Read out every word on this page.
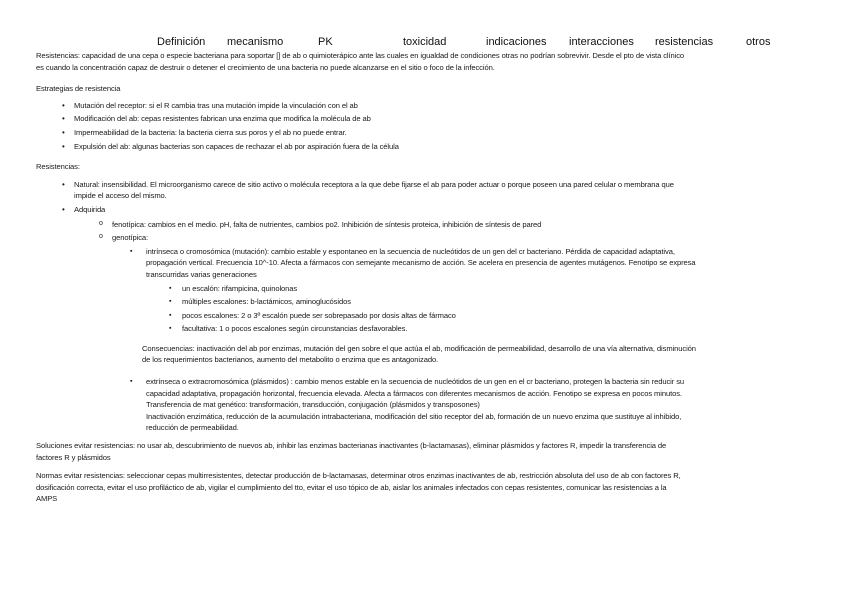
Definición mecanismo	PK	toxicidad	indicaciones interacciones resistencias	otros

Resistencias: capacidad de una cepa o especie bacteriana para soportar [] de ab o quimioterápico ante las cuales en igualdad de condiciones otras no podrían sobrevivir. Desde el pto de vista clínico
es cuando la concentración capaz de destruir o detener el crecimiento de una bacteria no puede alcanzarse en el sitio o foco de la infección.

Estrategias de resistencia

• Mutación del receptor: si el R cambia tras una mutación impide la vinculación con el ab
• Modificación del ab: cepas resistentes fabrican una enzima que modifica la molécula de ab
• Impermeabilidad de la bacteria: la bacteria cierra sus poros y el ab no puede entrar.
• Expulsión del ab: algunas bacterias son capaces de rechazar el ab por aspiración fuera de la célula

Resistencias:

• Natural: insensibilidad. El microorganismo carece de sitio activo o molécula receptora a la que debe fijarse el ab para poder actuar o porque poseen una pared celular o membrana que
impide el acceso del mismo.
• Adquirida
o fenotípica: cambios en el medio. pH, falta de nutrientes, cambios po2. Inhibición de síntesis proteica, inhibición de síntesis de pared
o genotípica:
▪ intrínseca o cromosómica (mutación): cambio estable y espontaneo en la secuencia de nucleótidos de un gen del cr bacteriano. Pérdida de capacidad adaptativa,
propagación vertical. Frecuencia 10^-10. Afecta a fármacos con semejante mecanismo de acción. Se acelera en presencia de agentes mutágenos. Fenotipo se expresa
transcurridas varias generaciones
▪ un escalón: rifampicina, quinolonas
▪ múltiples escalones: b-lactámicos, aminoglucósidos
▪ pocos escalones: 2 o 3º escalón puede ser sobrepasado por dosis altas de fármaco
▪ facultativa: 1 o pocos escalones según circunstancias desfavorables.

Consecuencias: inactivación del ab por enzimas, mutación del gen sobre el que actúa el ab, modificación de permeabilidad, desarrollo de una vía alternativa, disminución
de los requerimientos bacterianos, aumento del metabolito o enzima que es antagonizado.

▪ extrínseca o extracromosómica (plásmidos) : cambio menos estable en la secuencia de nucleótidos de un gen en el cr bacteriano, protegen la bacteria sin reducir su
capacidad adaptativa, propagación horizontal, frecuencia elevada. Afecta a fármacos con diferentes mecanismos de acción. Fenotipo se expresa en pocos minutos.
Transferencia de mat genético: transformación, transducción, conjugación (plásmidos y transposones)
Inactivación enzimática, reducción de la acumulación intrabacteriana, modificación del sitio receptor del ab, formación de un nuevo enzima que sustituye al inhibido,
reducción de permeabilidad.

Soluciones evitar resistencias: no usar ab, descubrimiento de nuevos ab, inhibir las enzimas bacterianas inactivantes (b-lactamasas), eliminar plásmidos y factores R, impedir la transferencia de
factores R y plásmidos

Normas evitar resistencias: seleccionar cepas multirresistentes, detectar producción de b-lactamasas, determinar otros enzimas inactivantes de ab, restricción absoluta del uso de ab con factores R,
dosificación correcta, evitar el uso profiláctico de ab, vigilar el cumplimiento del tto, evitar el uso tópico de ab, aislar los animales infectados con cepas resistentes, comunicar las resistencias a la
AMPS
